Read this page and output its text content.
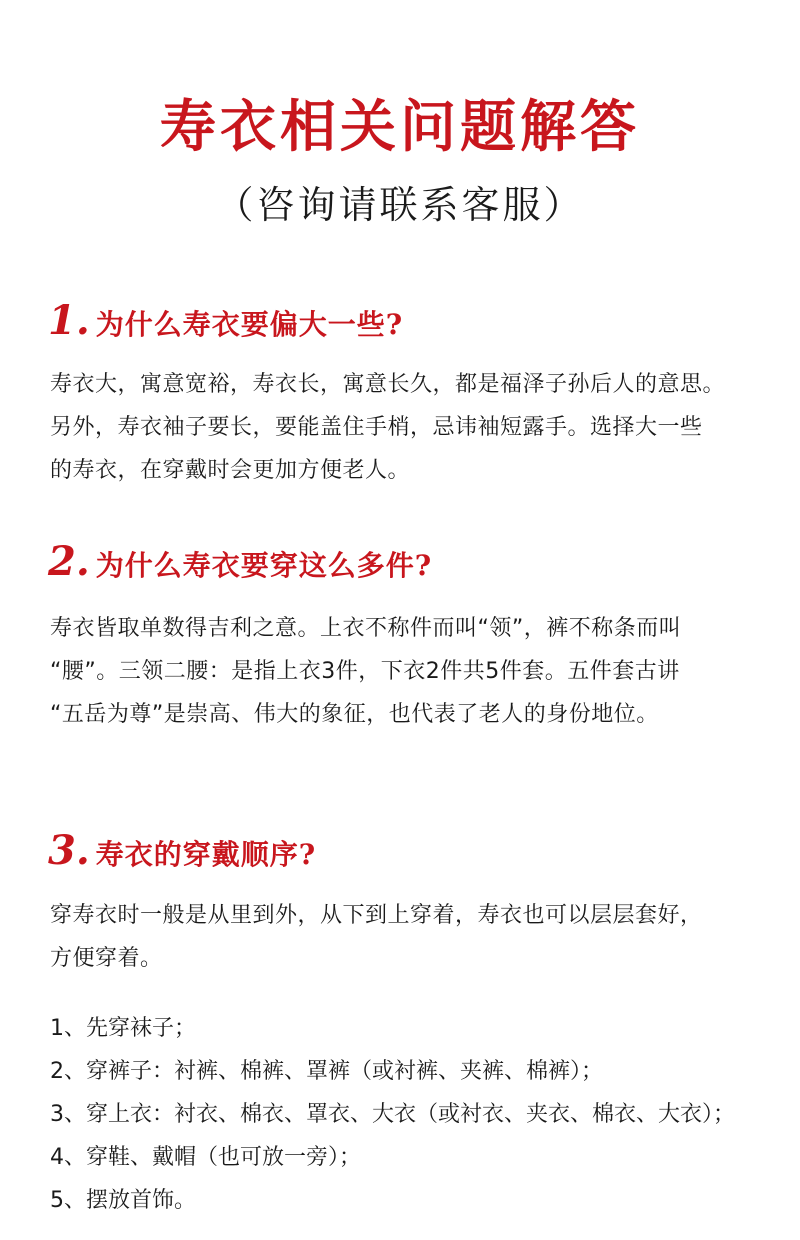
寿衣相关问题解答
（咨询请联系客服）
1. 为什么寿衣要偏大一些?
寿衣大，寓意宽裕，寿衣长，寓意长久，都是福泽子孙后人的意思。
另外，寿衣袖子要长，要能盖住手梢，忌讳袖短露手。选择大一些
的寿衣，在穿戴时会更加方便老人。
2. 为什么寿衣要穿这么多件?
寿衣皆取单数得吉利之意。上衣不称件而叫“领”，裤不称条而叫
“腰”。三领二腰：是指上衣3件，下衣2件共5件套。五件套古讲
“五岳为尊”是崇高、伟大的象征，也代表了老人的身份地位。
3. 寿衣的穿戴顺序?
穿寿衣时一般是从里到外，从下到上穿着，寿衣也可以层层套好，
方便穿着。
1、先穿袜子；
2、穿裤子：衬裤、棉裤、罩裤（或衬裤、夹裤、棉裤）；
3、穿上衣：衬衣、棉衣、罩衣、大衣（或衬衣、夹衣、棉衣、大衣）；
4、穿鞋、戴帽（也可放一旁）；
5、摆放首饰。
